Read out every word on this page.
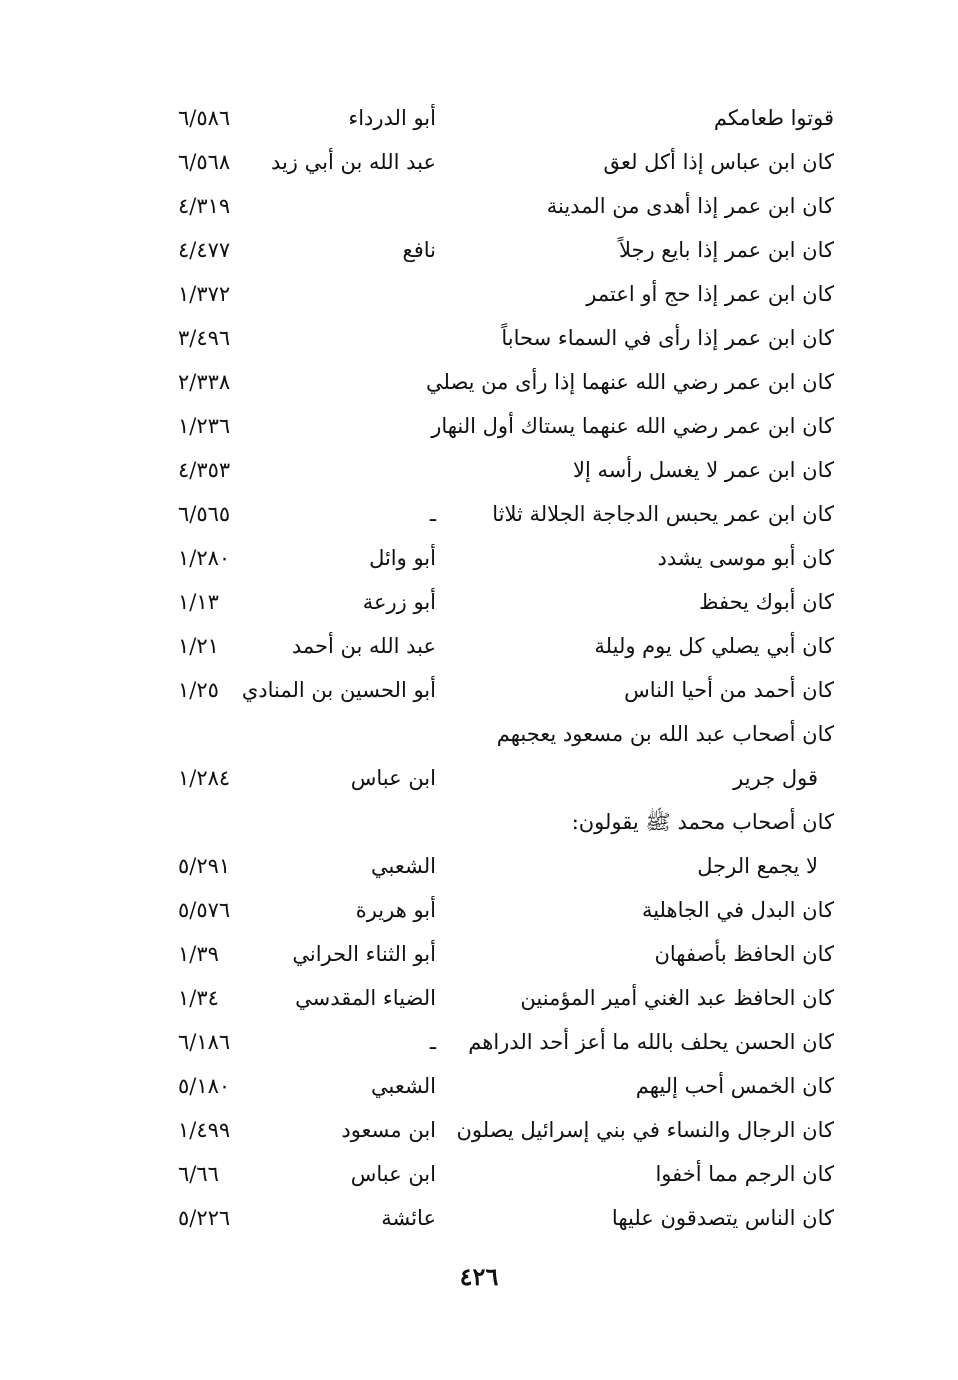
قوتوا طعامكم
أبو الدرداء
٦/٥٨٦
كان ابن عباس إذا أكل لعق
عبد الله بن أبي زيد
٦/٥٦٨
كان ابن عمر إذا أهدى من المدينة
٤/٣١٩
كان ابن عمر إذا بايع رجلاً
نافع
٤/٤٧٧
كان ابن عمر إذا حج أو اعتمر
١/٣٧٢
كان ابن عمر إذا رأى في السماء سحاباً
٣/٤٩٦
كان ابن عمر رضي الله عنهما إذا رأى من يصلي
٢/٣٣٨
كان ابن عمر رضي الله عنهما يستاك أول النهار
١/٢٣٦
كان ابن عمر لا يغسل رأسه إلا
٤/٣٥٣
كان ابن عمر يحبس الدجاجة الجلالة ثلاثا
ـ
٦/٥٦٥
كان أبو موسى يشدد
أبو وائل
١/٢٨٠
كان أبوك يحفظ
أبو زرعة
١/١٣
كان أبي يصلي كل يوم وليلة
عبد الله بن أحمد
١/٢١
كان أحمد من أحيا الناس
أبو الحسين بن المنادي
١/٢٥
كان أصحاب عبد الله بن مسعود يعجبهم
قول جرير
ابن عباس
١/٢٨٤
كان أصحاب محمد ﷺ يقولون:
لا يجمع الرجل
الشعبي
٥/٢٩١
كان البدل في الجاهلية
أبو هريرة
٥/٥٧٦
كان الحافظ بأصفهان
أبو الثناء الحراني
١/٣٩
كان الحافظ عبد الغني أمير المؤمنين
الضياء المقدسي
١/٣٤
كان الحسن يحلف بالله ما أعز أحد الدراهم
ـ
٦/١٨٦
كان الخمس أحب إليهم
الشعبي
٥/١٨٠
كان الرجال والنساء في بني إسرائيل يصلون
ابن مسعود
١/٤٩٩
كان الرجم مما أخفوا
ابن عباس
٦/٦٦
كان الناس يتصدقون عليها
عائشة
٥/٢٢٦
٤٢٦
